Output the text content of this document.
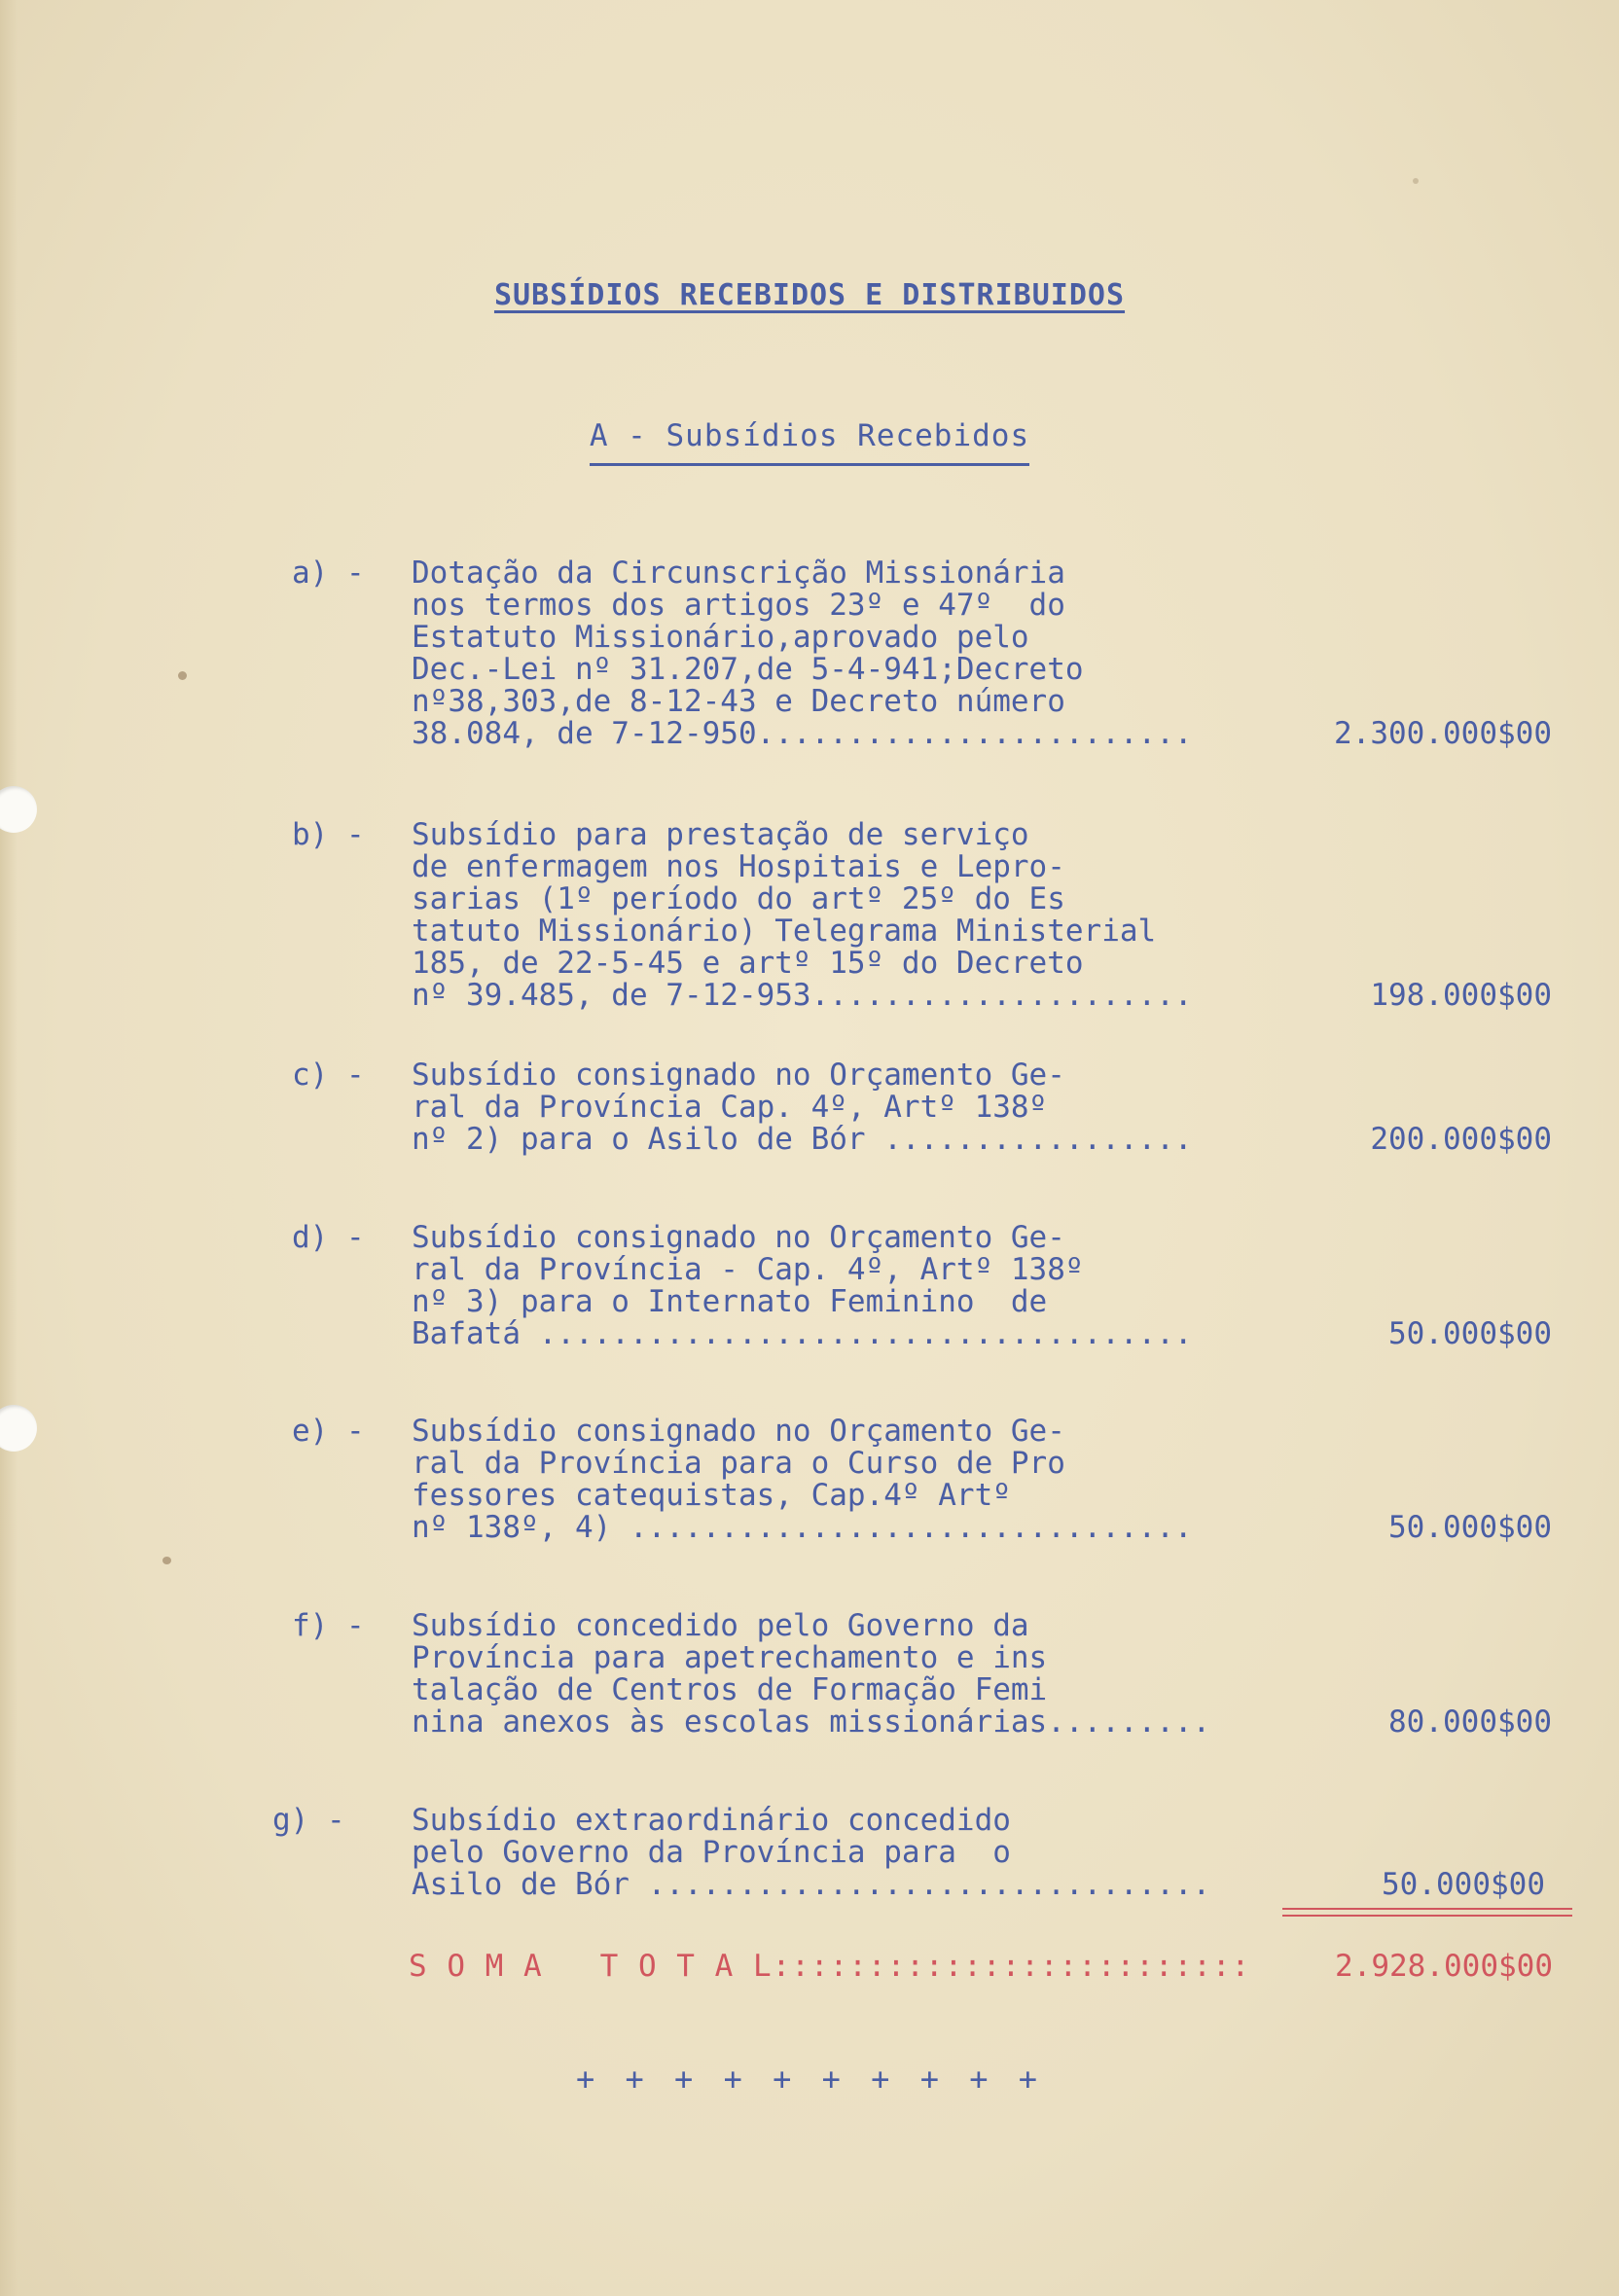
SUBSÍDIOS RECEBIDOS E DISTRIBUIDOS
A - Subsídios Recebidos
a) -	Dotação da Circunscrição Missionária
nos termos dos artigos 23º e 47º  do
Estatuto Missionário,aprovado pelo
Dec.-Lei nº 31.207,de 5-4-941;Decreto
nº38,303,de 8-12-43 e Decreto número
38.084, de 7-12-950........................	2.300.000$00
b) -	Subsídio para prestação de serviço
de enfermagem nos Hospitais e Lepro-
sarias (1º período do artº 25º do Es
tatuto Missionário) Telegrama Ministerial
185, de 22-5-45 e artº 15º do Decreto
nº 39.485, de 7-12-953.....................	198.000$00
c) -	Subsídio consignado no Orçamento Ge-
ral da Província Cap. 4º, Artº 138º
nº 2) para o Asilo de Bór .................	200.000$00
d) -	Subsídio consignado no Orçamento Ge-
ral da Província - Cap. 4º, Artº 138º
nº 3) para o Internato Feminino  de
Bafatá ....................................	50.000$00
e) -	Subsídio consignado no Orçamento Ge-
ral da Província para o Curso de Pro
fessores catequistas, Cap.4º Artº
nº 138º, 4) ...............................	50.000$00
f) -	Subsídio concedido pelo Governo da
Província para apetrechamento e ins
talação de Centros de Formação Femi
nina anexos às escolas missionárias.........	80.000$00
g) -	Subsídio extraordinário concedido
pelo Governo da Província para  o
Asilo de Bór ...............................	50.000$00
S O M A   T O T A L:::::::::::::::::::::::::	2.928.000$00
+ + + + + + + + + +
